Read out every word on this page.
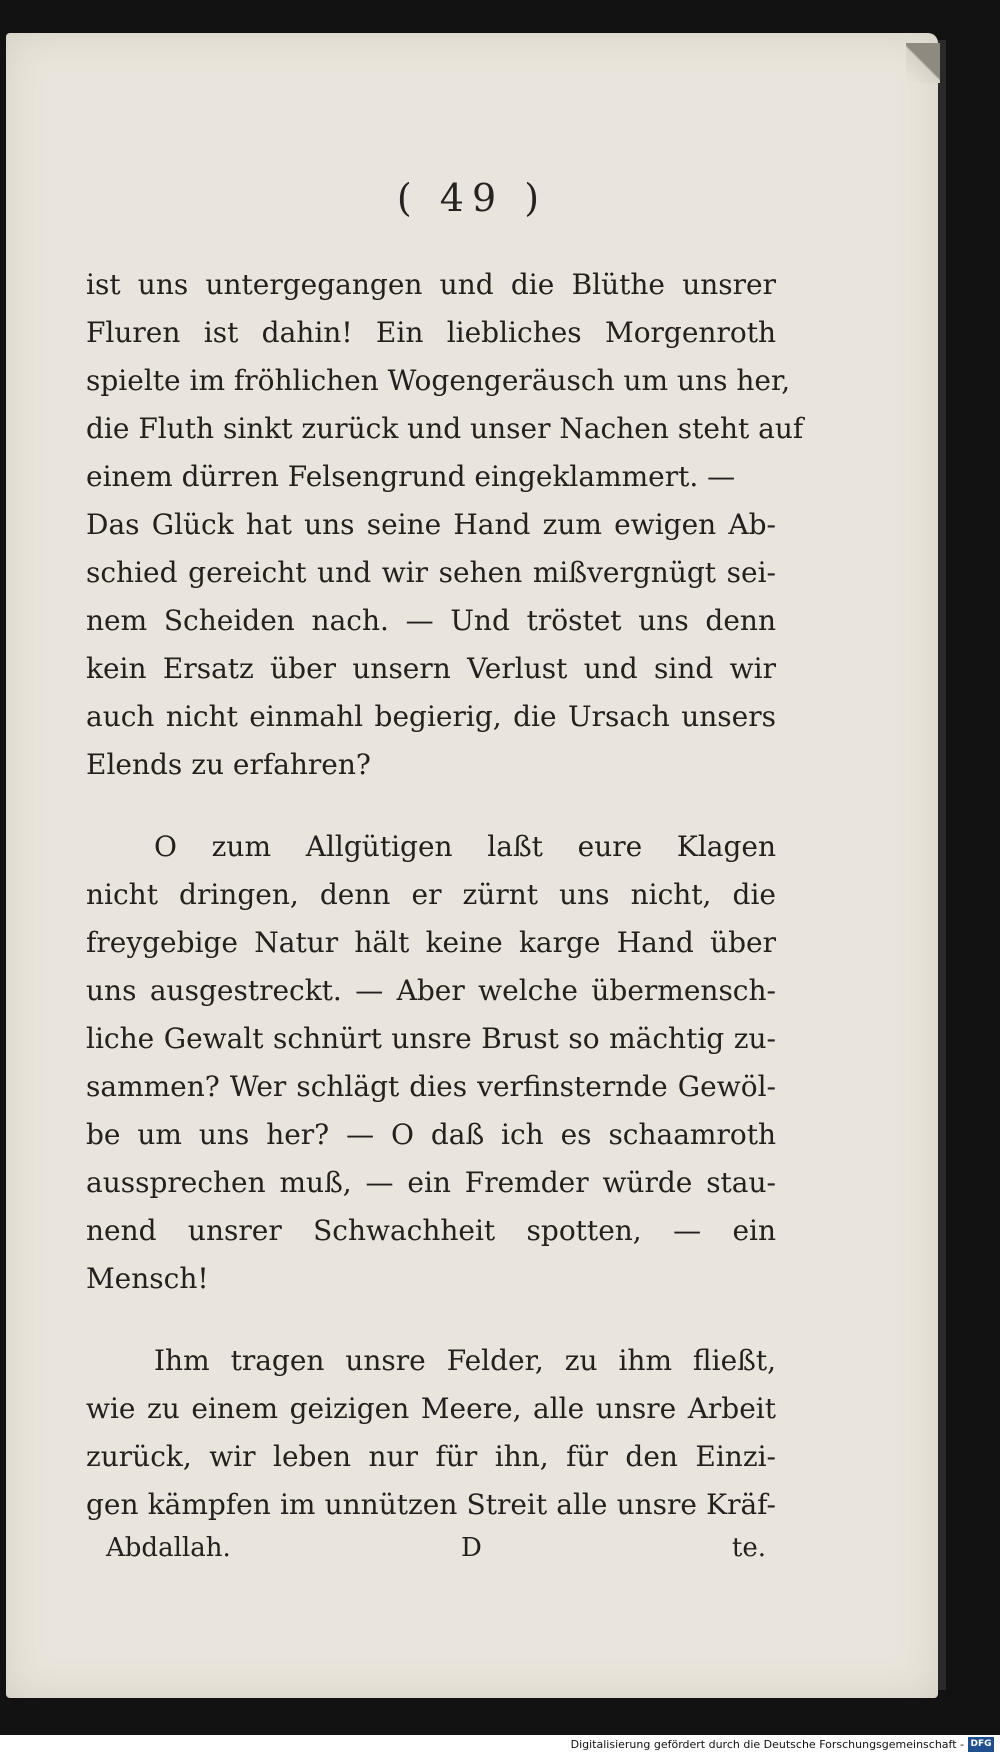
( 49 )
ist uns untergegangen und die Blüthe unsrer
Fluren ist dahin! Ein liebliches Morgenroth
spielte im fröhlichen Wogengeräusch um uns her,
die Fluth sinkt zurück und unser Nachen steht auf
einem dürren Felsengrund eingeklammert. —
Das Glück hat uns seine Hand zum ewigen Ab-
schied gereicht und wir sehen mißvergnügt sei-
nem Scheiden nach. — Und tröstet uns denn
kein Ersatz über unsern Verlust und sind wir
auch nicht einmahl begierig, die Ursach unsers
Elends zu erfahren?
O zum Allgütigen laßt eure Klagen
nicht dringen, denn er zürnt uns nicht, die
freygebige Natur hält keine karge Hand über
uns ausgestreckt. — Aber welche übermensch-
liche Gewalt schnürt unsre Brust so mächtig zu-
sammen? Wer schlägt dies verfinsternde Gewöl-
be um uns her? — O daß ich es schaamroth
aussprechen muß, — ein Fremder würde stau-
nend unsrer Schwachheit spotten, — ein
Mensch!
Ihm tragen unsre Felder, zu ihm fließt,
wie zu einem geizigen Meere, alle unsre Arbeit
zurück, wir leben nur für ihn, für den Einzi-
gen kämpfen im unnützen Streit alle unsre Kräf-
Abdallah.	D	te.
Digitalisierung gefördert durch die Deutsche Forschungsgemeinschaft - DFG
